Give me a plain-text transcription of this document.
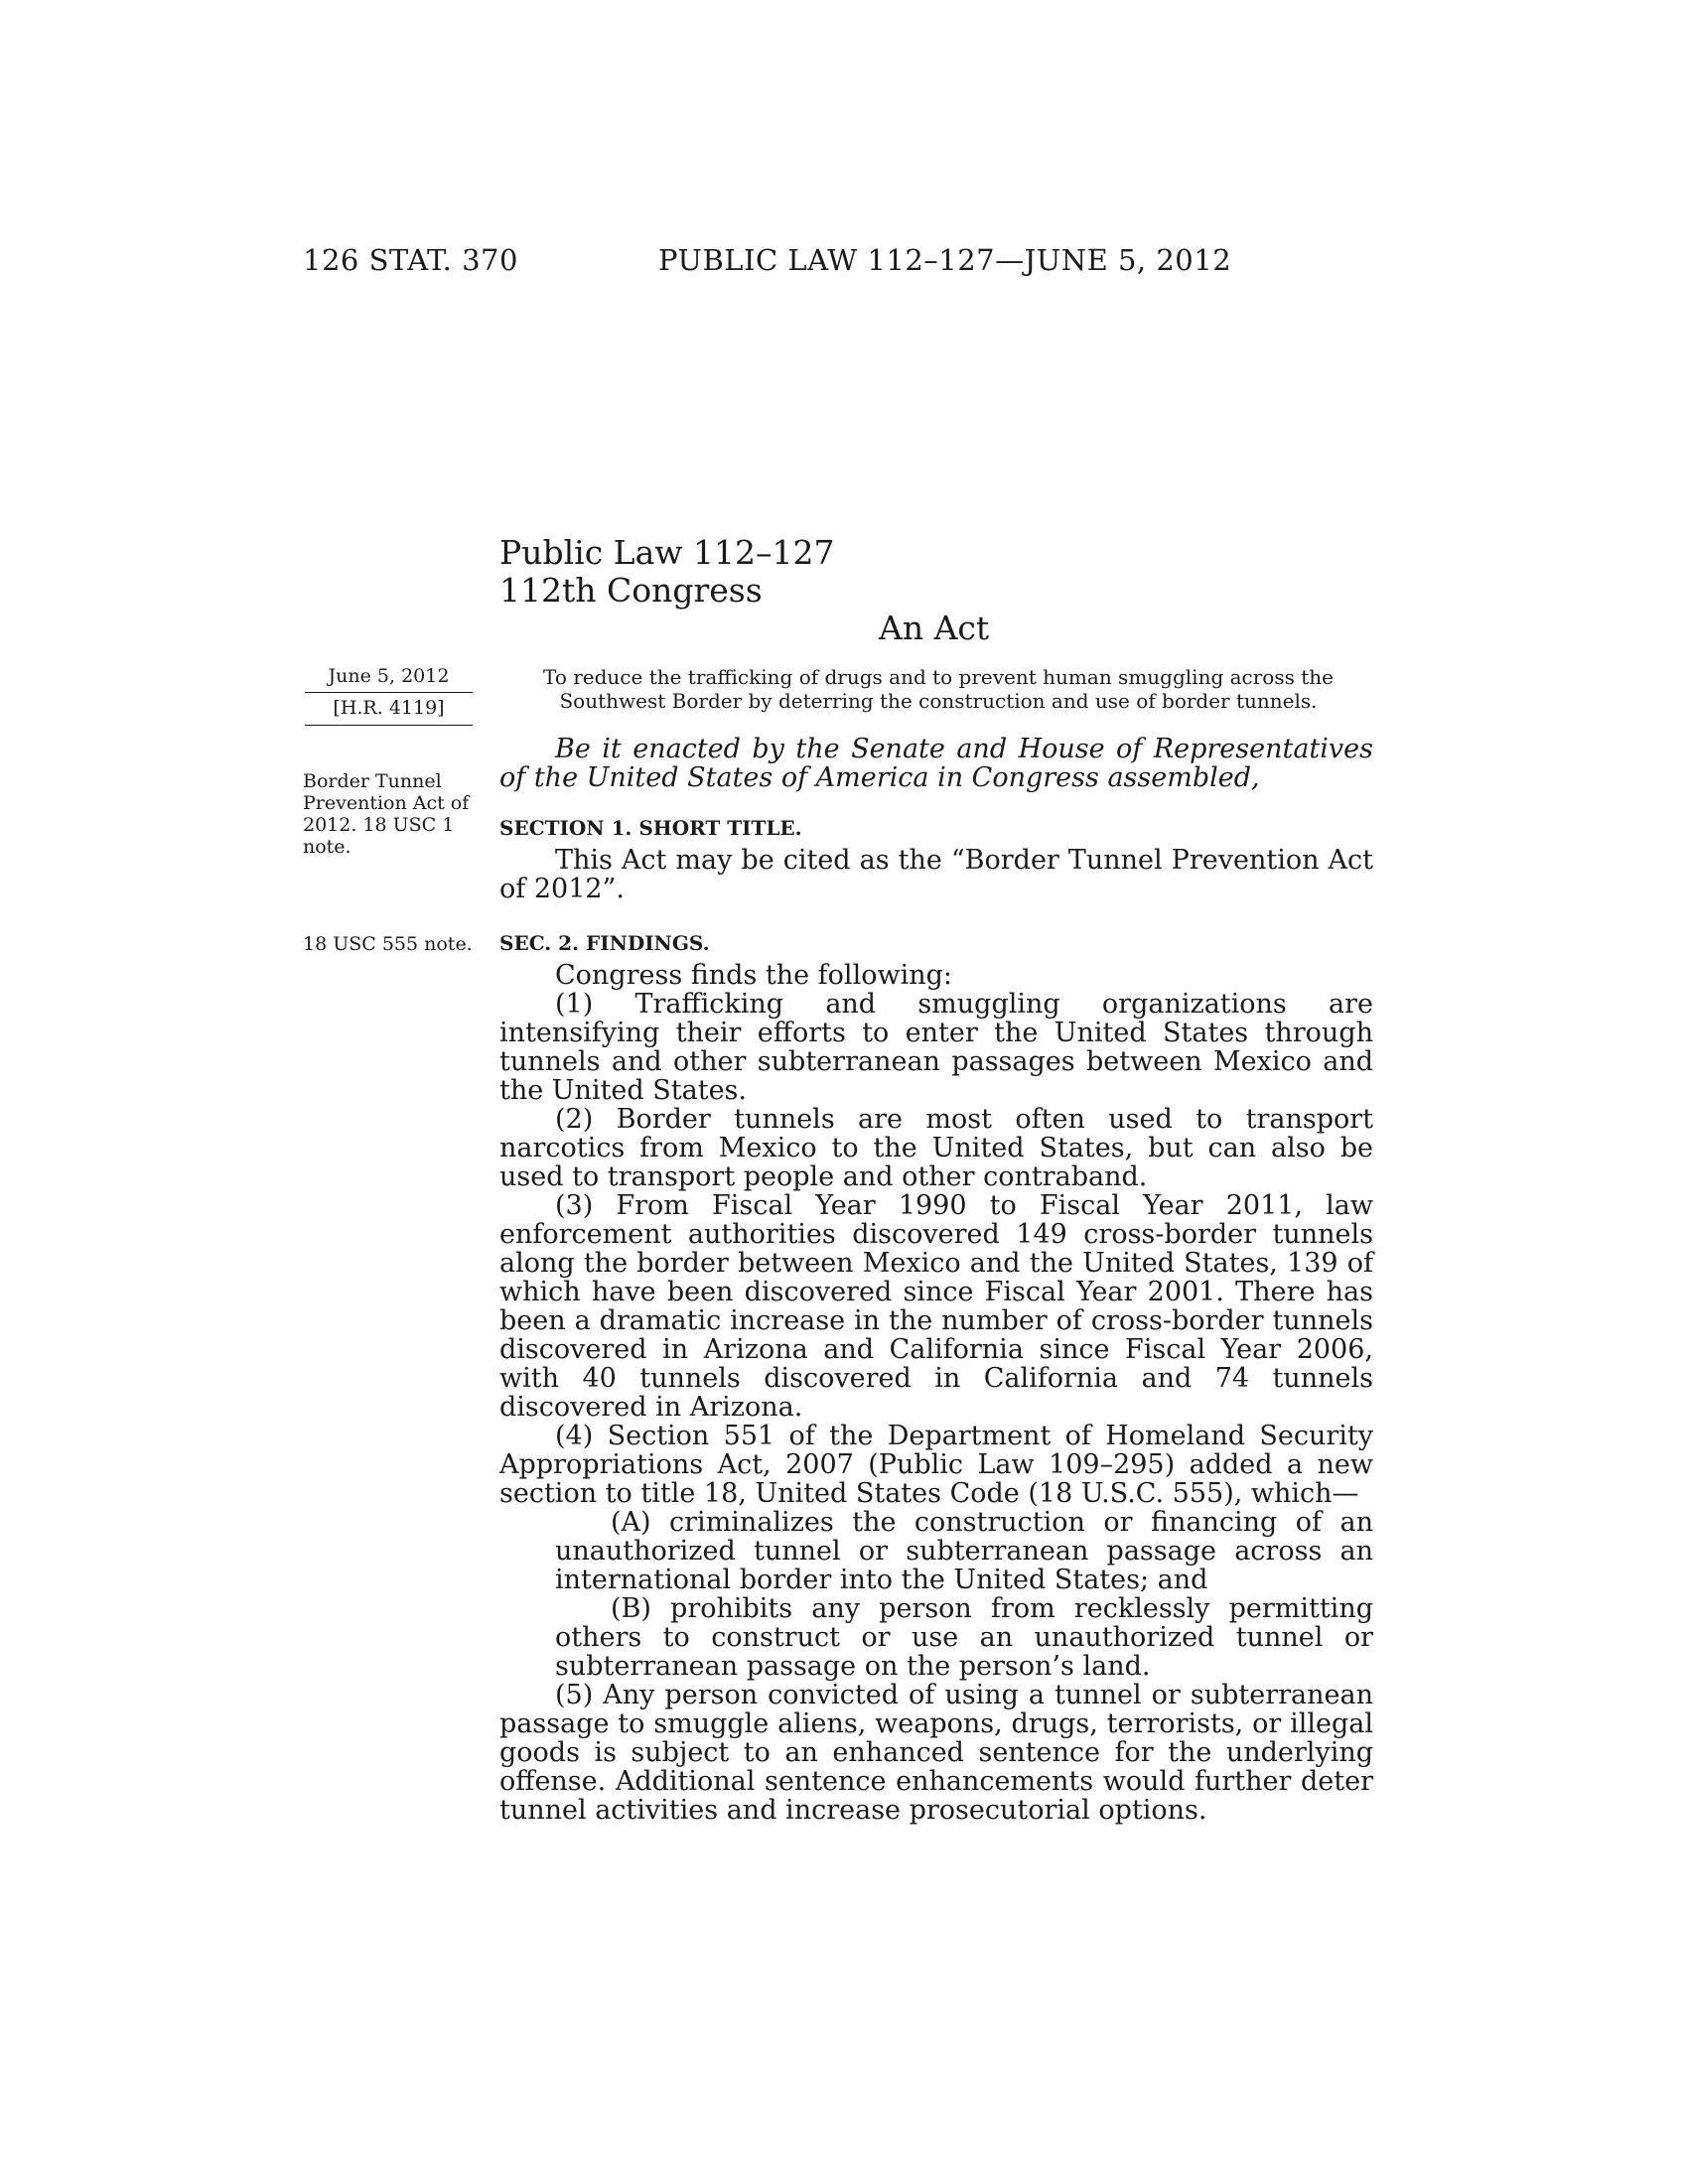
126 STAT. 370	PUBLIC LAW 112–127—JUNE 5, 2012
Public Law 112–127
112th Congress
An Act
June 5, 2012
[H.R. 4119]
To reduce the trafficking of drugs and to prevent human smuggling across the Southwest Border by deterring the construction and use of border tunnels.
Be it enacted by the Senate and House of Representatives of the United States of America in Congress assembled,
Border Tunnel Prevention Act of 2012. 18 USC 1 note.
SECTION 1. SHORT TITLE.
This Act may be cited as the “Border Tunnel Prevention Act of 2012”.
18 USC 555 note.	SEC. 2. FINDINGS.

Congress finds the following:

(1) Trafficking and smuggling organizations are intensifying their efforts to enter the United States through tunnels and other subterranean passages between Mexico and the United States.

(2) Border tunnels are most often used to transport narcotics from Mexico to the United States, but can also be used to transport people and other contraband.

(3) From Fiscal Year 1990 to Fiscal Year 2011, law enforcement authorities discovered 149 cross-border tunnels along the border between Mexico and the United States, 139 of which have been discovered since Fiscal Year 2001. There has been a dramatic increase in the number of cross-border tunnels discovered in Arizona and California since Fiscal Year 2006, with 40 tunnels discovered in California and 74 tunnels discovered in Arizona.

(4) Section 551 of the Department of Homeland Security Appropriations Act, 2007 (Public Law 109–295) added a new section to title 18, United States Code (18 U.S.C. 555), which—

(A) criminalizes the construction or financing of an unauthorized tunnel or subterranean passage across an international border into the United States; and

(B) prohibits any person from recklessly permitting others to construct or use an unauthorized tunnel or subterranean passage on the person’s land.

(5) Any person convicted of using a tunnel or subterranean passage to smuggle aliens, weapons, drugs, terrorists, or illegal goods is subject to an enhanced sentence for the underlying offense. Additional sentence enhancements would further deter tunnel activities and increase prosecutorial options.
